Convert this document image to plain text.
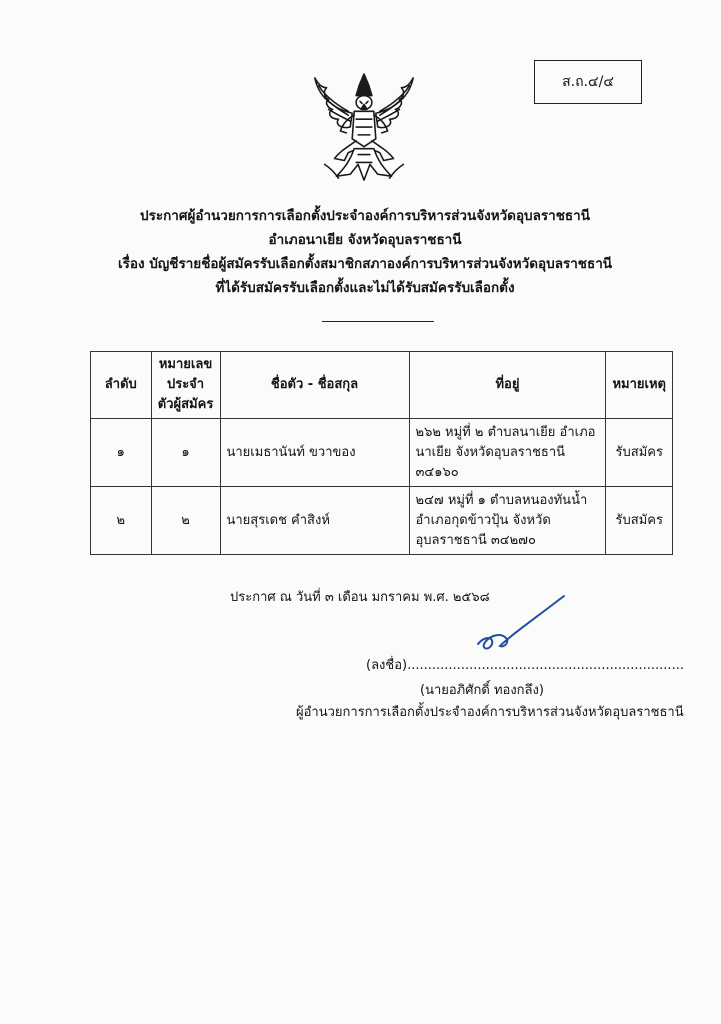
ส.ถ.๔/๔
ประกาศผู้อำนวยการการเลือกตั้งประจำองค์การบริหารส่วนจังหวัดอุบลราชธานี
อำเภอนาเยีย จังหวัดอุบลราชธานี
เรื่อง บัญชีรายชื่อผู้สมัครรับเลือกตั้งสมาชิกสภาองค์การบริหารส่วนจังหวัดอุบลราชธานี
ที่ได้รับสมัครรับเลือกตั้งและไม่ได้รับสมัครรับเลือกตั้ง
ลำดับ	หมายเลขประจำตัวผู้สมัคร	ชื่อตัว - ชื่อสกุล	ที่อยู่	หมายเหตุ
๑	๑	นายเมธานันท์ ขวาของ	๒๖๒ หมู่ที่ ๒ ตำบลนาเยีย อำเภอนาเยีย จังหวัดอุบลราชธานี ๓๔๑๖๐	รับสมัคร
๒	๒	นายสุรเดช คำสิงห์	๒๔๗ หมู่ที่ ๑ ตำบลหนองทันน้ำ อำเภอกุดข้าวปุ้น จังหวัดอุบลราชธานี ๓๔๒๗๐	รับสมัคร
ประกาศ ณ วันที่ ๓ เดือน มกราคม พ.ศ. ๒๕๖๘
(ลงชื่อ)...................................................................
(นายอภิศักดิ์ ทองกลึง)
ผู้อำนวยการการเลือกตั้งประจำองค์การบริหารส่วนจังหวัดอุบลราชธานี
